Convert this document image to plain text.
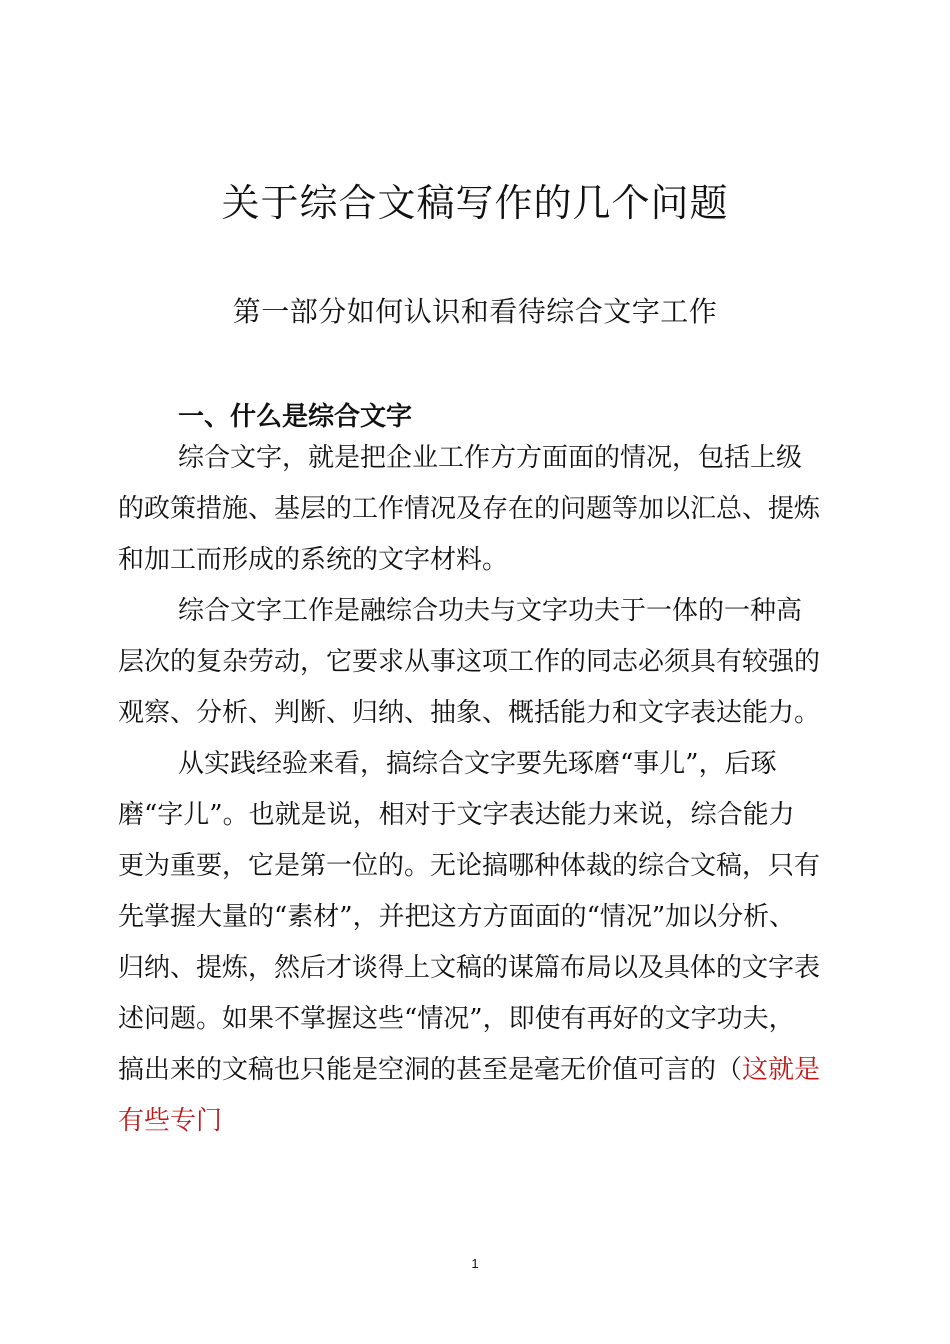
关于综合文稿写作的几个问题
第一部分如何认识和看待综合文字工作
一、什么是综合文字
综合文字，就是把企业工作方方面面的情况，包括上级
的政策措施、基层的工作情况及存在的问题等加以汇总、提炼
和加工而形成的系统的文字材料。
综合文字工作是融综合功夫与文字功夫于一体的一种高
层次的复杂劳动，它要求从事这项工作的同志必须具有较强的
观察、分析、判断、归纳、抽象、概括能力和文字表达能力。
从实践经验来看，搞综合文字要先琢磨“事儿”，后琢
磨“字儿”。也就是说，相对于文字表达能力来说，综合能力
更为重要，它是第一位的。无论搞哪种体裁的综合文稿，只有
先掌握大量的“素材”，并把这方方面面的“情况”加以分析、
归纳、提炼，然后才谈得上文稿的谋篇布局以及具体的文字表
述问题。如果不掌握这些“情况”，即使有再好的文字功夫，
搞出来的文稿也只能是空洞的甚至是毫无价值可言的（这就是
有些专门
1
